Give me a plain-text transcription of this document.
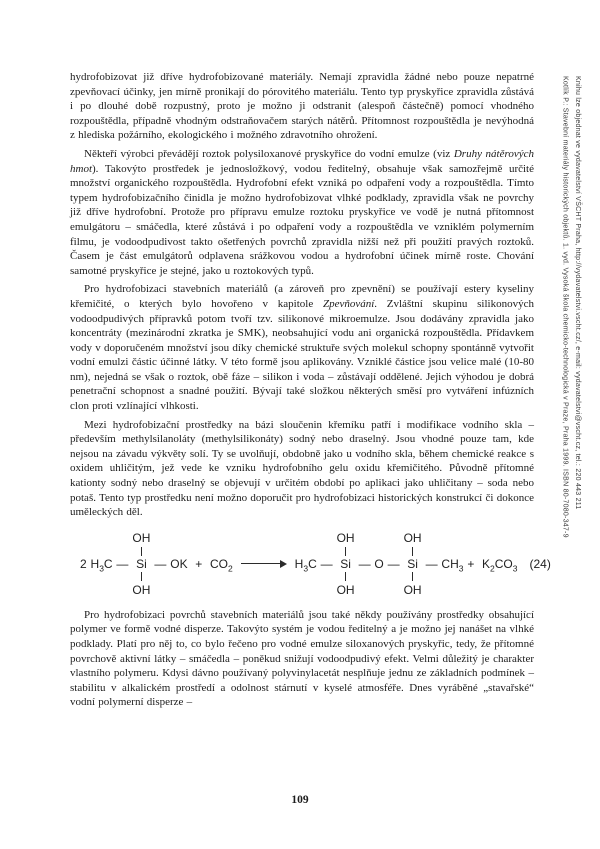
hydrofobizovat již dříve hydrofobizované materiály. Nemají zpravidla žádné nebo pouze nepatrné zpevňovací účinky, jen mírně pronikají do pórovitého materiálu. Tento typ pryskyřice zpravidla zůstává i po dlouhé době rozpustný, proto je možno ji odstranit (alespoň částečně) pomocí vhodného rozpouštědla, případně vhodným odstraňovačem starých nátěrů. Přítomnost rozpouštědla je nevýhodná z hlediska požárního, ekologického i možného zdravotního ohrožení.

Někteří výrobci převádějí roztok polysiloxanové pryskyřice do vodní emulze (viz Druhy nátěrových hmot). Takovýto prostředek je jednosložkový, vodou ředitelný, obsahuje však samozřejmě určité množství organického rozpouštědla. Hydrofobní efekt vzniká po odpaření vody a rozpouštědla. Tímto typem hydrofobizačního činidla je možno hydrofobizovat vlhké podklady, zpravidla však ne povrchy již dříve hydrofobní. Protože pro přípravu emulze roztoku pryskyřice ve vodě je nutná přítomnost emulgátoru – smáčedla, které zůstává i po odpaření vody a rozpouštědla ve vzniklém polymerním filmu, je vodoodpudivost takto ošetřených povrchů zpravidla nižší než při použití pravých roztoků. Časem je část emulgátorů odplavena srážkovou vodou a hydrofobní účinek mírně roste. Chování samotné pryskyřice je stejné, jako u roztokových typů.

Pro hydrofobizaci stavebních materiálů (a zároveň pro zpevnění) se používají estery kyseliny křemičité, o kterých bylo hovořeno v kapitole Zpevňování. Zvláštní skupinu silikonových vodoodpudivých přípravků potom tvoří tzv. silikonové mikroemulze. Jsou dodávány zpravidla jako koncentráty (mezinárodní zkratka je SMK), neobsahující vodu ani organická rozpouštědla. Přídavkem vody v doporučeném množství jsou díky chemické struktuře svých molekul schopny spontánně vytvořit vodní emulzi částic účinné látky. V této formě jsou aplikovány. Vzniklé částice jsou velice malé (10-80 nm), nejedná se však o roztok, obě fáze – silikon i voda – zůstávají oddělené. Jejich výhodou je dobrá penetrační schopnost a snadné použití. Bývají také složkou některých směsí pro vytváření infúzních clon proti vzlínající vlhkosti.

Mezi hydrofobizační prostředky na bázi sloučenin křemíku patří i modifikace vodního skla – především methylsilanoláty (methylsilikonáty) sodný nebo draselný. Jsou vhodné pouze tam, kde nejsou na závadu výkvěty solí. Ty se uvolňují, obdobně jako u vodního skla, během chemické reakce s oxidem uhličitým, jež vede ke vzniku hydrofobního gelu oxidu křemičitého. Původně přítomné kationty sodný nebo draselný se objevují v určitém období po aplikaci jako uhličitany – soda nebo potaš. Tento typ prostředku není možno doporučit pro hydrofobizaci historických konstrukcí či dokonce uměleckých děl.

2 $H_3C$ —
OH
Si
OH
— OK  +  $CO_2$	$H_3C$ —
OH
Si
OH
— O —
OH
Si
OH
— $CH_3 + K_2CO_3$ (24)

Pro hydrofobizaci povrchů stavebních materiálů jsou také někdy používány prostředky obsahující polymer ve formě vodné disperze. Takovýto systém je vodou ředitelný a je možno jej nanášet na vlhké podklady. Platí pro něj to, co bylo řečeno pro vodné emulze siloxanových pryskyřic, tedy, že přítomné povrchově aktivní látky – smáčedla – poněkud snižují vodoodpudivý efekt. Velmi důležitý je charakter vlastního polymeru. Kdysi dávno používaný polyvinylacetát nesplňuje jednu ze základních podmínek – stabilitu v alkalickém prostředí a odolnost stárnutí v kyselé atmosféře. Dnes vyráběné „stavařské“ vodní polymerní disperze –

Kotlík P.: Stavební materiály historických objektů. 1. vyd. Vysoká škola chemicko-technologická v Praze, Praha 1999. ISBN 80-7080-347-9 Knihu lze objednat ve vydavatelství VŠCHT Praha, http://vydavatelstvi.vscht.cz/, e-mail: vydavatelstvi@vscht.cz, tel.: 220 443 211
109
